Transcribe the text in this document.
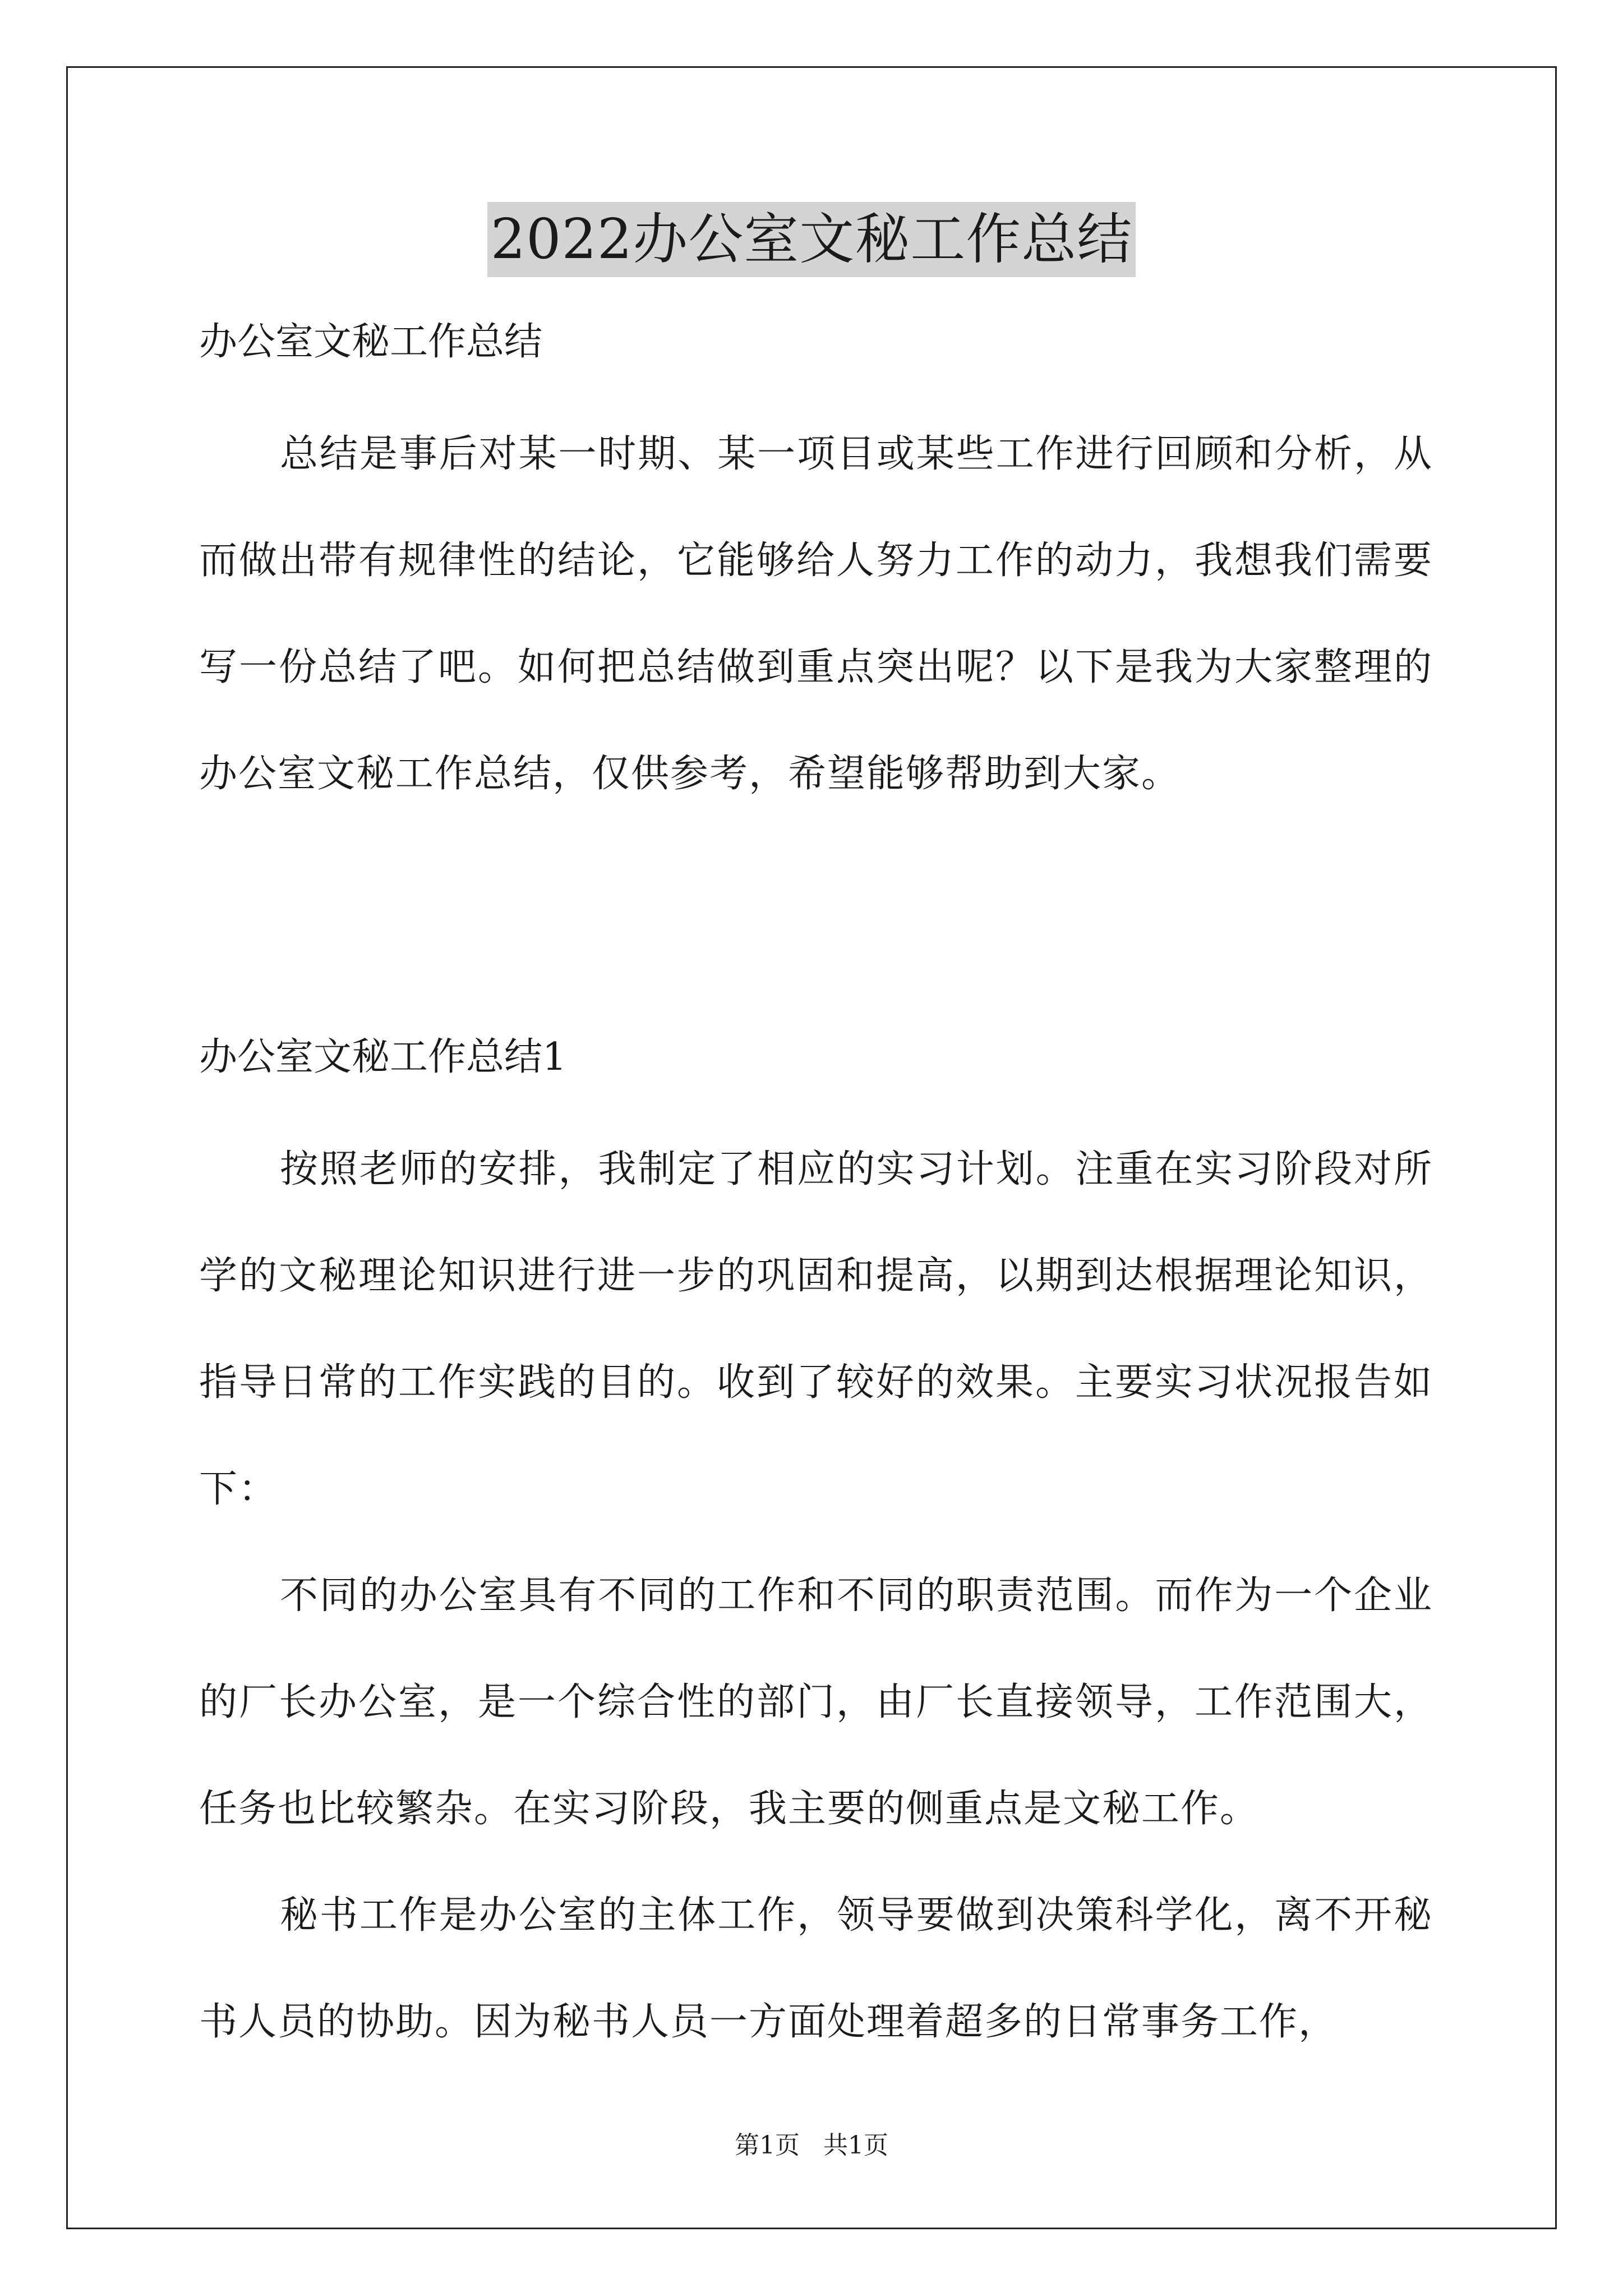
2022办公室文秘工作总结

办公室文秘工作总结

总结是事后对某一时期、某一项目或某些工作进行回顾和分析，从而做出带有规律性的结论，它能够给人努力工作的动力，我想我们需要写一份总结了吧。如何把总结做到重点突出呢？以下是我为大家整理的办公室文秘工作总结，仅供参考，希望能够帮助到大家。

办公室文秘工作总结1

按照老师的安排，我制定了相应的实习计划。注重在实习阶段对所学的文秘理论知识进行进一步的巩固和提高，以期到达根据理论知识，指导日常的工作实践的目的。收到了较好的效果。主要实习状况报告如下：

不同的办公室具有不同的工作和不同的职责范围。而作为一个企业的厂长办公室，是一个综合性的部门，由厂长直接领导，工作范围大，任务也比较繁杂。在实习阶段，我主要的侧重点是文秘工作。

秘书工作是办公室的主体工作，领导要做到决策科学化，离不开秘书人员的协助。因为秘书人员一方面处理着超多的日常事务工作，

第1页   共1页
